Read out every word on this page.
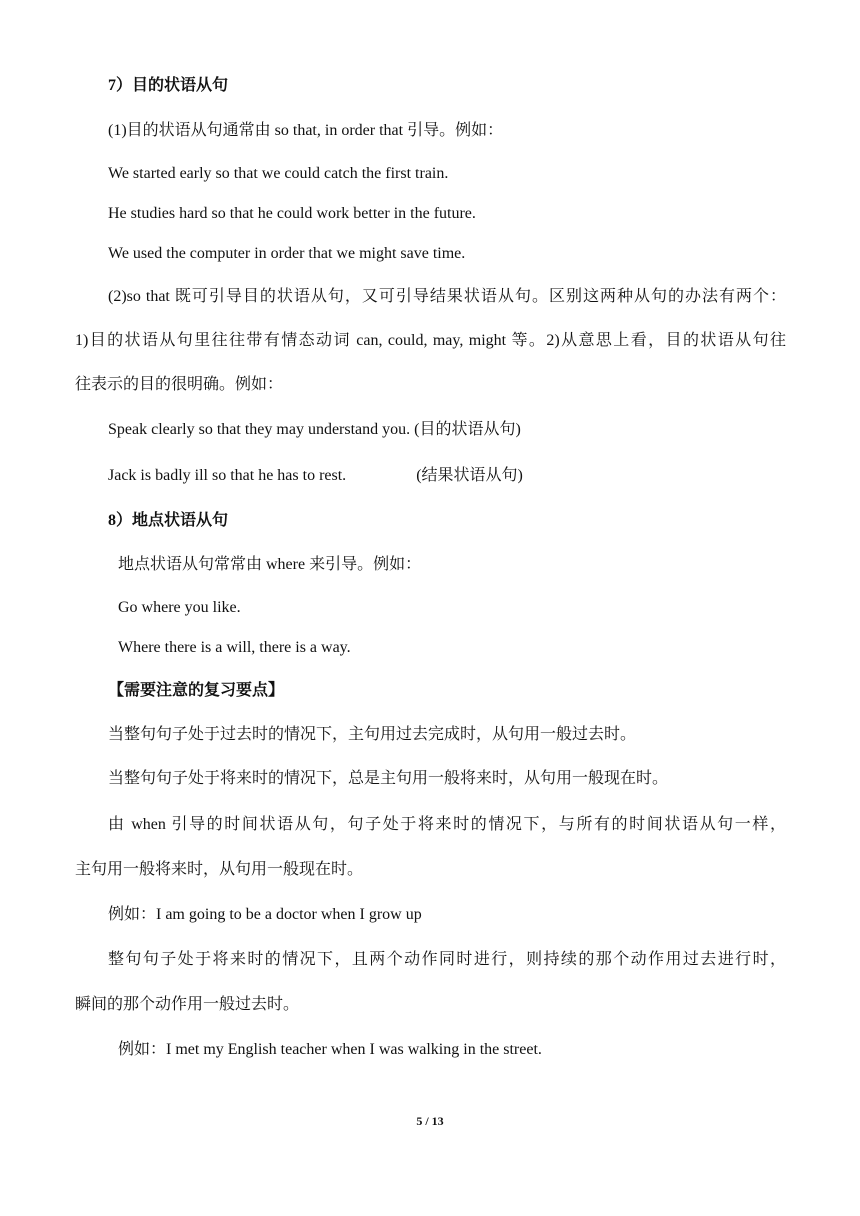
7）目的状语从句
(1)目的状语从句通常由 so that, in order that 引导。例如：
We started early so that we could catch the first train.
He studies hard so that he could work better in the future.
We used the computer in order that we might save time.
(2)so that 既可引导目的状语从句，又可引导结果状语从句。区别这两种从句的办法有两个：
1)目的状语从句里往往带有情态动词 can, could, may, might 等。2)从意思上看，目的状语从句往
往表示的目的很明确。例如：
Speak clearly so that they may understand you. (目的状语从句)
Jack is badly ill so that he has to rest.	(结果状语从句)
8）地点状语从句
地点状语从句常常由 where 来引导。例如：
Go where you like.
Where there is a will, there is a way.
【需要注意的复习要点】
当整句句子处于过去时的情况下，主句用过去完成时，从句用一般过去时。
当整句句子处于将来时的情况下，总是主句用一般将来时，从句用一般现在时。
由 when 引导的时间状语从句，句子处于将来时的情况下，与所有的时间状语从句一样，
主句用一般将来时，从句用一般现在时。
例如：I am going to be a doctor when I grow up
整句句子处于将来时的情况下，且两个动作同时进行，则持续的那个动作用过去进行时，
瞬间的那个动作用一般过去时。
例如：I met my English teacher when I was walking in the street.
5 / 13
